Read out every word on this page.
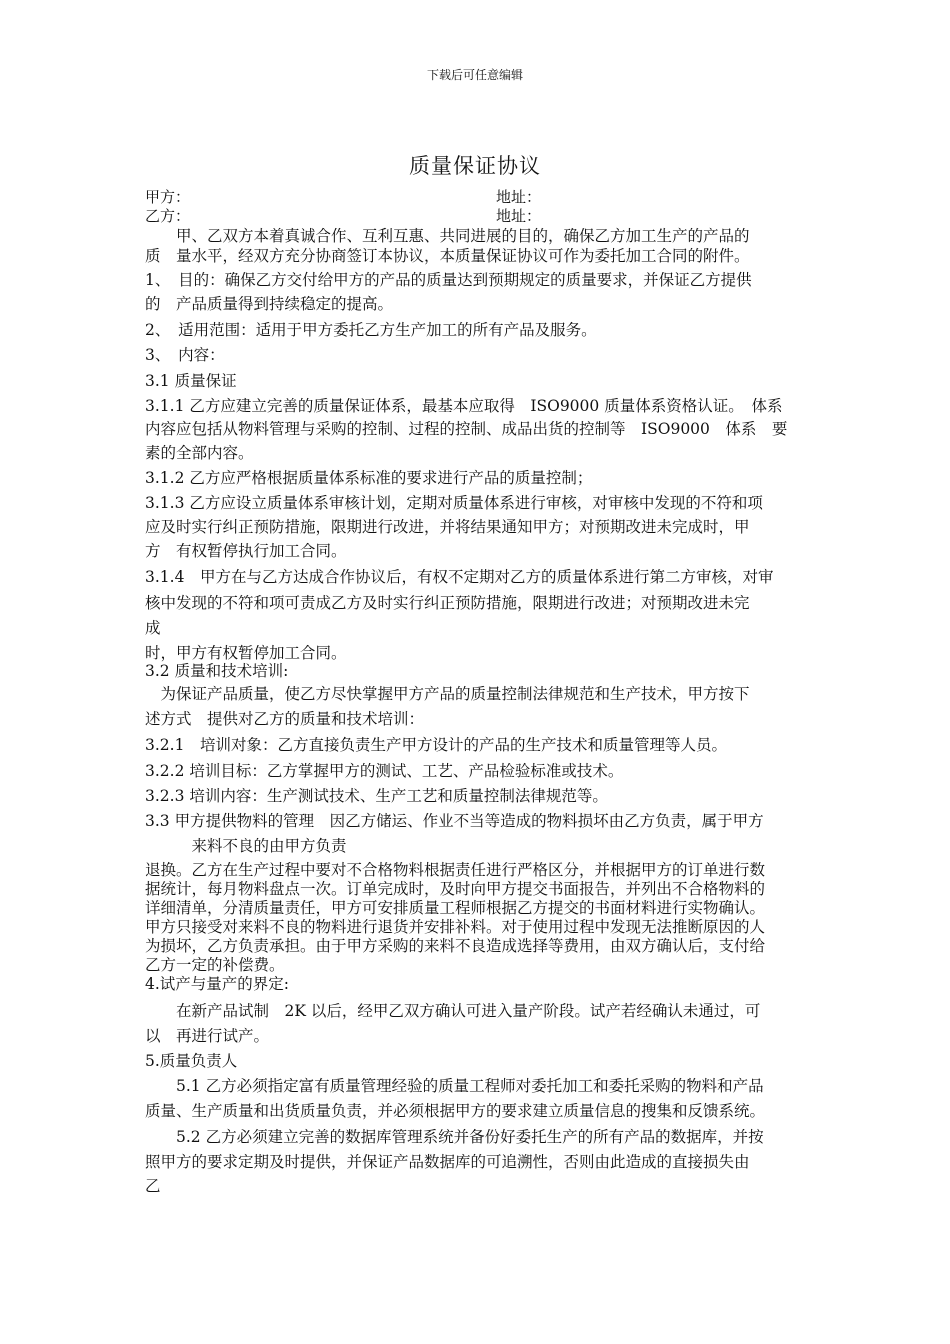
下载后可任意编辑
质量保证协议
甲方：	地址：
乙方：	地址：
　　甲、乙双方本着真诚合作、互利互惠、共同进展的目的，确保乙方加工生产的产品的
质　量水平，经双方充分协商签订本协议，本质量保证协议可作为委托加工合同的附件。
1、　目的：确保乙方交付给甲方的产品的质量达到预期规定的质量要求，并保证乙方提供
的　产品质量得到持续稳定的提高。
2、　适用范围：适用于甲方委托乙方生产加工的所有产品及服务。
3、　内容：
3.1 质量保证
3.1.1 乙方应建立完善的质量保证体系，最基本应取得　ISO9000 质量体系资格认证。　体系
内容应包括从物料管理与采购的控制、过程的控制、成品出货的控制等　ISO9000　体系　要
素的全部内容。
3.1.2 乙方应严格根据质量体系标准的要求进行产品的质量控制；
3.1.3 乙方应设立质量体系审核计划，定期对质量体系进行审核，对审核中发现的不符和项
应及时实行纠正预防措施，限期进行改进，并将结果通知甲方；对预期改进未完成时，甲
方　有权暂停执行加工合同。
3.1.4　甲方在与乙方达成合作协议后，有权不定期对乙方的质量体系进行第二方审核，对审
核中发现的不符和项可责成乙方及时实行纠正预防措施，限期进行改进；对预期改进未完
成
时，甲方有权暂停加工合同。
3.2 质量和技术培训:
　为保证产品质量，使乙方尽快掌握甲方产品的质量控制法律规范和生产技术，甲方按下
述方式　提供对乙方的质量和技术培训：
3.2.1　培训对象：乙方直接负责生产甲方设计的产品的生产技术和质量管理等人员。
3.2.2 培训目标：乙方掌握甲方的测试、工艺、产品检验标准或技术。
3.2.3 培训内容：生产测试技术、生产工艺和质量控制法律规范等。
3.3 甲方提供物料的管理　因乙方储运、作业不当等造成的物料损坏由乙方负责，属于甲方
　　　来料不良的由甲方负责
退换。乙方在生产过程中要对不合格物料根据责任进行严格区分，并根据甲方的订单进行数
据统计，每月物料盘点一次。订单完成时，及时向甲方提交书面报告，并列出不合格物料的
详细清单，分清质量责任，甲方可安排质量工程师根据乙方提交的书面材料进行实物确认。
甲方只接受对来料不良的物料进行退货并安排补料。对于使用过程中发现无法推断原因的人
为损坏，乙方负责承担。由于甲方采购的来料不良造成选择等费用，由双方确认后，支付给
乙方一定的补偿费。
4.试产与量产的界定:
　　在新产品试制　2K 以后，经甲乙双方确认可进入量产阶段。试产若经确认未通过，可
以　再进行试产。
5.质量负责人
　　5.1 乙方必须指定富有质量管理经验的质量工程师对委托加工和委托采购的物料和产品
质量、生产质量和出货质量负责，并必须根据甲方的要求建立质量信息的搜集和反馈系统。
　　5.2 乙方必须建立完善的数据库管理系统并备份好委托生产的所有产品的数据库，并按
照甲方的要求定期及时提供，并保证产品数据库的可追溯性，否则由此造成的直接损失由
乙
